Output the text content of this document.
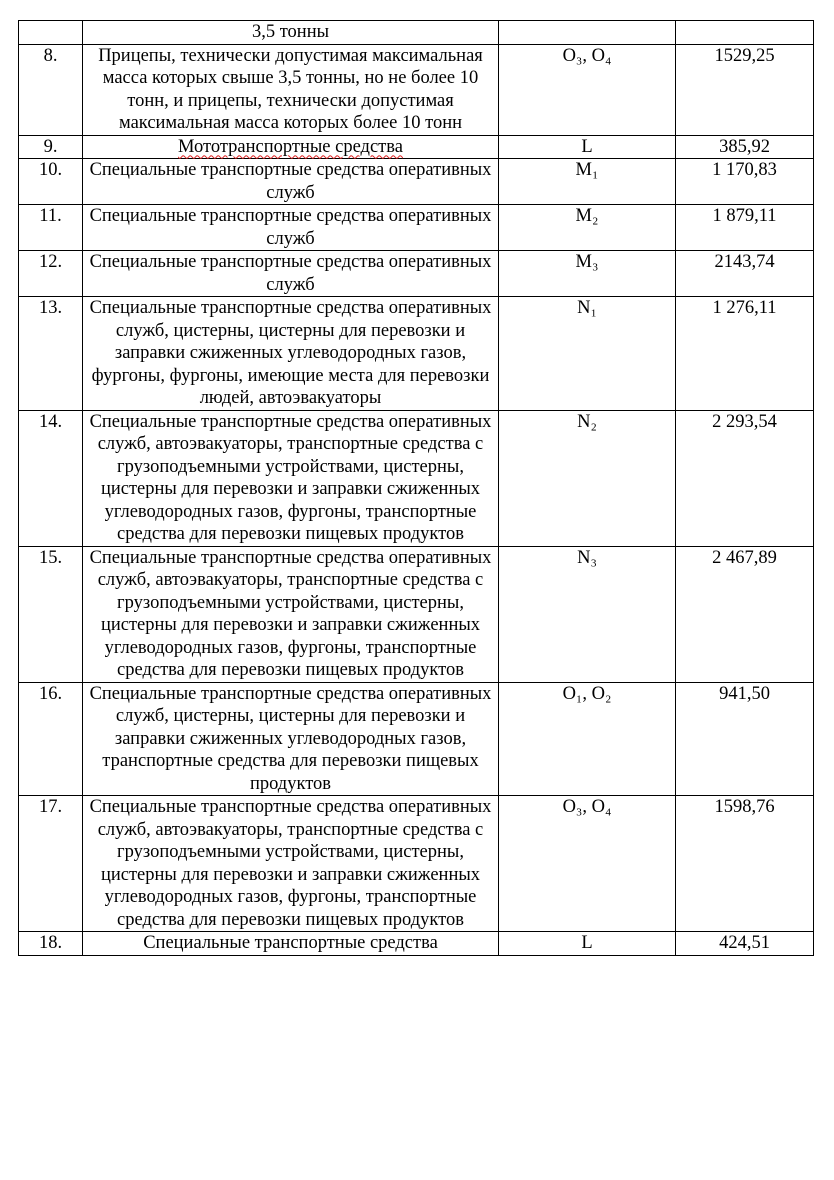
	3,5 тонны		
8.	Прицепы, технически допустимая максимальная масса которых свыше 3,5 тонны, но не более 10 тонн, и прицепы, технически допустимая максимальная масса которых более 10 тонн	O₃, O₄	1529,25
9.	Мототранспортные средства	L	385,92
10.	Специальные транспортные средства оперативных служб	M₁	1 170,83
11.	Специальные транспортные средства оперативных служб	M₂	1 879,11
12.	Специальные транспортные средства оперативных служб	M₃	2143,74
13.	Специальные транспортные средства оперативных служб, цистерны, цистерны для перевозки и заправки сжиженных углеводородных газов, фургоны, фургоны, имеющие места для перевозки людей, автоэвакуаторы	N₁	1 276,11
14.	Специальные транспортные средства оперативных служб, автоэвакуаторы, транспортные средства с грузоподъемными устройствами, цистерны, цистерны для перевозки и заправки сжиженных углеводородных газов, фургоны, транспортные средства для перевозки пищевых продуктов	N₂	2 293,54
15.	Специальные транспортные средства оперативных служб, автоэвакуаторы, транспортные средства с грузоподъемными устройствами, цистерны, цистерны для перевозки и заправки сжиженных углеводородных газов, фургоны, транспортные средства для перевозки пищевых продуктов	N₃	2 467,89
16.	Специальные транспортные средства оперативных служб, цистерны, цистерны для перевозки и заправки сжиженных углеводородных газов, транспортные средства для перевозки пищевых продуктов	O₁, O₂	941,50
17.	Специальные транспортные средства оперативных служб, автоэвакуаторы, транспортные средства с грузоподъемными устройствами, цистерны, цистерны для перевозки и заправки сжиженных углеводородных газов, фургоны, транспортные средства для перевозки пищевых продуктов	O₃, O₄	1598,76
18.	Специальные транспортные средства	L	424,51
